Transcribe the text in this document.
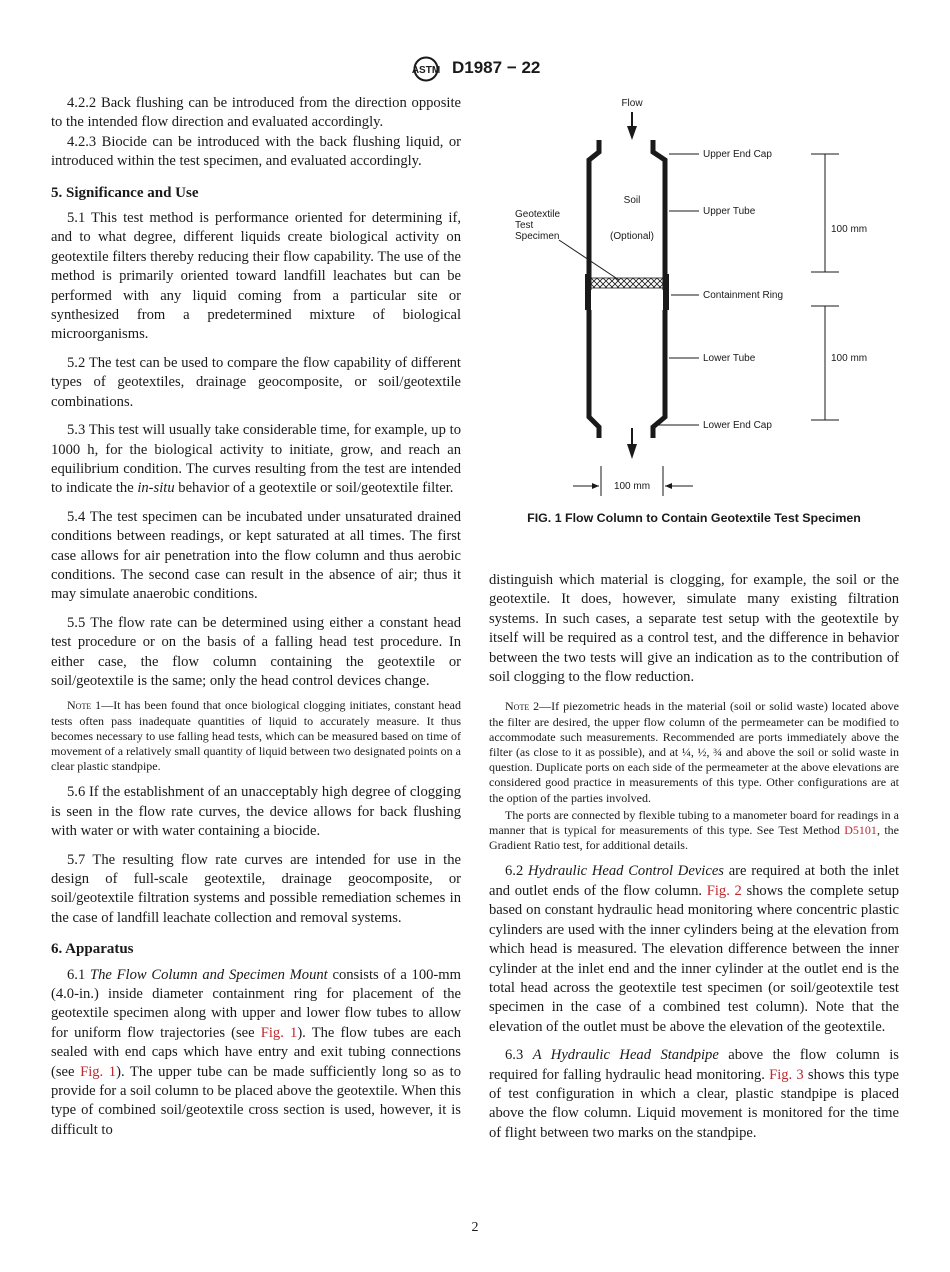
ASTM D1987 − 22

4.2.2 Back flushing can be introduced from the direction opposite to the intended flow direction and evaluated accordingly.

4.2.3 Biocide can be introduced with the back flushing liquid, or introduced within the test specimen, and evaluated accordingly.

5. Significance and Use

5.1 This test method is performance oriented for determining if, and to what degree, different liquids create biological activity on geotextile filters thereby reducing their flow capability. The use of the method is primarily oriented toward landfill leachates but can be performed with any liquid coming from a particular site or synthesized from a predetermined mixture of biological microorganisms.

5.2 The test can be used to compare the flow capability of different types of geotextiles, drainage geocomposite, or soil/geotextile combinations.

5.3 This test will usually take considerable time, for example, up to 1000 h, for the biological activity to initiate, grow, and reach an equilibrium condition. The curves resulting from the test are intended to indicate the in-situ behavior of a geotextile or soil/geotextile filter.

5.4 The test specimen can be incubated under unsaturated drained conditions between readings, or kept saturated at all times. The first case allows for air penetration into the flow column and thus aerobic conditions. The second case can result in the absence of air; thus it may simulate anaerobic conditions.

5.5 The flow rate can be determined using either a constant head test procedure or on the basis of a falling head test procedure. In either case, the flow column containing the geotextile or soil/geotextile is the same; only the head control devices change.

Note 1—It has been found that once biological clogging initiates, constant head tests often pass inadequate quantities of liquid to accurately measure. It thus becomes necessary to use falling head tests, which can be measured based on time of movement of a relatively small quantity of liquid between two designated points on a clear plastic standpipe.

5.6 If the establishment of an unacceptably high degree of clogging is seen in the flow rate curves, the device allows for back flushing with water or with water containing a biocide.

5.7 The resulting flow rate curves are intended for use in the design of full-scale geotextile, drainage geocomposite, or soil/geotextile filtration systems and possible remediation schemes in the case of landfill leachate collection and removal systems.

6. Apparatus

6.1 The Flow Column and Specimen Mount consists of a 100-mm (4.0-in.) inside diameter containment ring for placement of the geotextile specimen along with upper and lower flow tubes to allow for uniform flow trajectories (see Fig. 1). The flow tubes are each sealed with end caps which have entry and exit tubing connections (see Fig. 1). The upper tube can be made sufficiently long so as to provide for a soil column to be placed above the geotextile. When this type of combined soil/geotextile cross section is used, however, it is difficult to

Flow
Soil
(Optional)
Geotextile
Test
Specimen
Upper End Cap
Upper Tube
Containment Ring
Lower Tube
Lower End Cap
100 mm
100 mm
100 mm
FIG. 1 Flow Column to Contain Geotextile Test Specimen

distinguish which material is clogging, for example, the soil or the geotextile. It does, however, simulate many existing filtration systems. In such cases, a separate test setup with the geotextile by itself will be required as a control test, and the difference in behavior between the two tests will give an indication as to the contribution of soil clogging to the flow reduction.

Note 2—If piezometric heads in the material (soil or solid waste) located above the filter are desired, the upper flow column of the permeameter can be modified to accommodate such measurements. Recommended are ports immediately above the filter (as close to it as possible), and at ¼, ½, ¾ and above the soil or solid waste in question. Duplicate ports on each side of the permeameter at the above elevations are considered good practice in measurements of this type. Other configurations are at the option of the parties involved.

The ports are connected by flexible tubing to a manometer board for readings in a manner that is typical for measurements of this type. See Test Method D5101, the Gradient Ratio test, for additional details.

6.2 Hydraulic Head Control Devices are required at both the inlet and outlet ends of the flow column. Fig. 2 shows the complete setup based on constant hydraulic head monitoring where concentric plastic cylinders are used with the inner cylinders being at the elevation from which head is measured. The elevation difference between the inner cylinder at the inlet end and the inner cylinder at the outlet end is the total head across the geotextile test specimen (or soil/geotextile test specimen in the case of a combined test column). Note that the elevation of the outlet must be above the elevation of the geotextile.

6.3 A Hydraulic Head Standpipe above the flow column is required for falling hydraulic head monitoring. Fig. 3 shows this type of test configuration in which a clear, plastic standpipe is placed above the flow column. Liquid movement is monitored for the time of flight between two marks on the standpipe.

2
